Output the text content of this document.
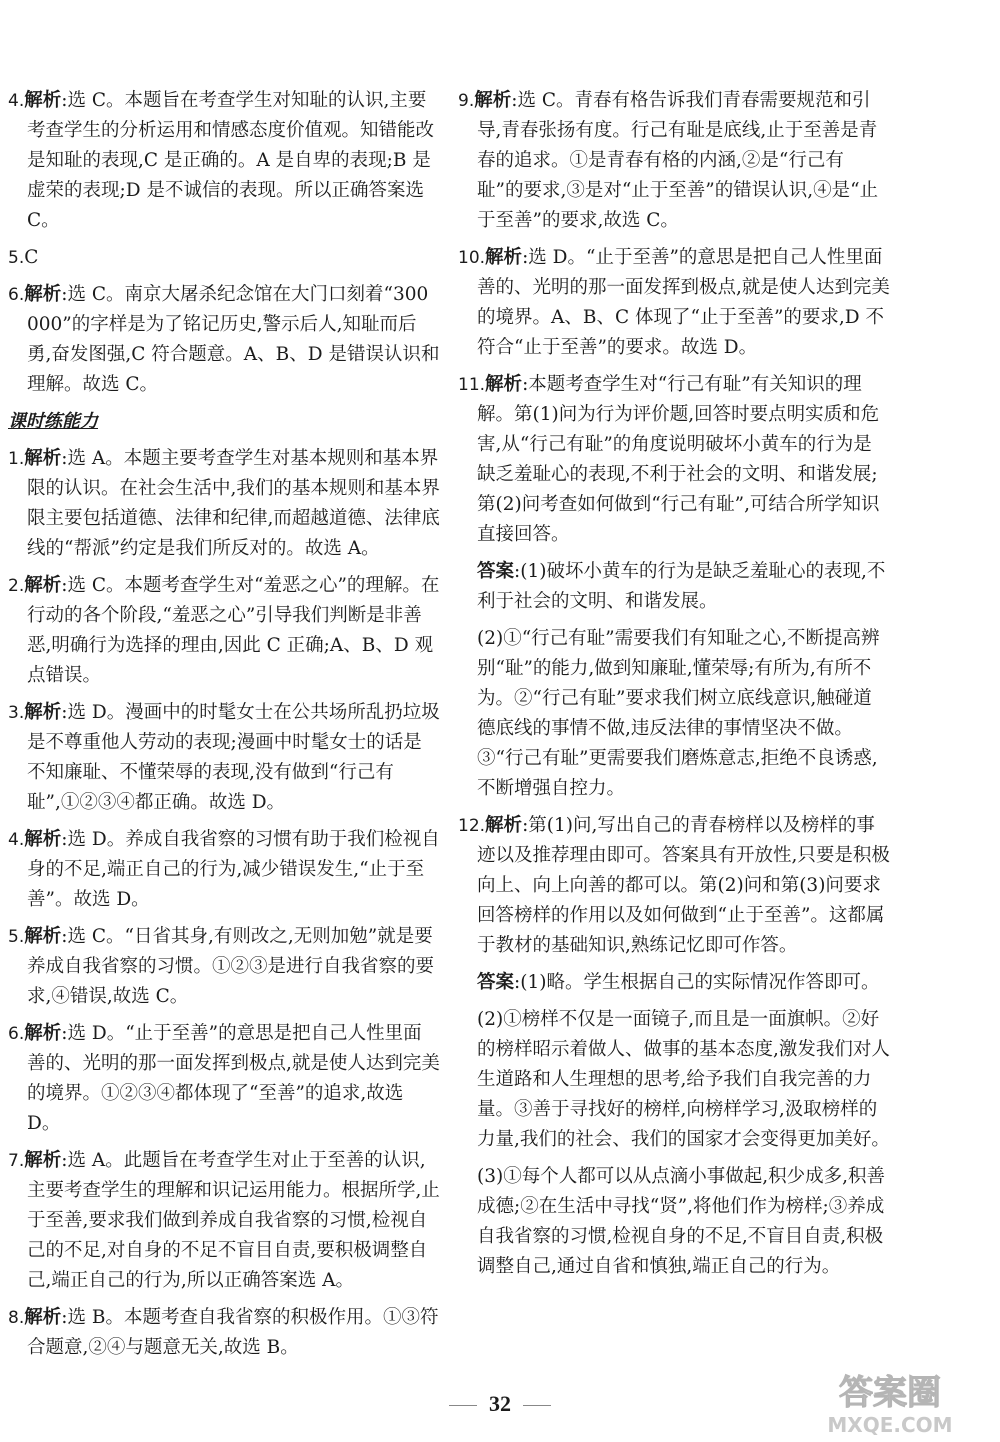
4.解析:选 C。本题旨在考查学生对知耻的认识,主要考查学生的分析运用和情感态度价值观。知错能改是知耻的表现,C 是正确的。A 是自卑的表现;B 是虚荣的表现;D 是不诚信的表现。所以正确答案选 C。
5.C
6.解析:选 C。南京大屠杀纪念馆在大门口刻着“300 000”的字样是为了铭记历史,警示后人,知耻而后勇,奋发图强,C 符合题意。A、B、D 是错误认识和理解。故选 C。
课时练能力
1.解析:选 A。本题主要考查学生对基本规则和基本界限的认识。在社会生活中,我们的基本规则和基本界限主要包括道德、法律和纪律,而超越道德、法律底线的“帮派”约定是我们所反对的。故选 A。
2.解析:选 C。本题考查学生对“羞恶之心”的理解。在行动的各个阶段,“羞恶之心”引导我们判断是非善恶,明确行为选择的理由,因此 C 正确;A、B、D 观点错误。
3.解析:选 D。漫画中的时髦女士在公共场所乱扔垃圾是不尊重他人劳动的表现;漫画中时髦女士的话是不知廉耻、不懂荣辱的表现,没有做到“行己有耻”,①②③④都正确。故选 D。
4.解析:选 D。养成自我省察的习惯有助于我们检视自身的不足,端正自己的行为,减少错误发生,“止于至善”。故选 D。
5.解析:选 C。“日省其身,有则改之,无则加勉”就是要养成自我省察的习惯。①②③是进行自我省察的要求,④错误,故选 C。
6.解析:选 D。“止于至善”的意思是把自己人性里面善的、光明的那一面发挥到极点,就是使人达到完美的境界。①②③④都体现了“至善”的追求,故选 D。
7.解析:选 A。此题旨在考查学生对止于至善的认识,主要考查学生的理解和识记运用能力。根据所学,止于至善,要求我们做到养成自我省察的习惯,检视自己的不足,对自身的不足不盲目自责,要积极调整自己,端正自己的行为,所以正确答案选 A。
8.解析:选 B。本题考查自我省察的积极作用。①③符合题意,②④与题意无关,故选 B。
9.解析:选 C。青春有格告诉我们青春需要规范和引导,青春张扬有度。行己有耻是底线,止于至善是青春的追求。①是青春有格的内涵,②是“行己有耻”的要求,③是对“止于至善”的错误认识,④是“止于至善”的要求,故选 C。
10.解析:选 D。“止于至善”的意思是把自己人性里面善的、光明的那一面发挥到极点,就是使人达到完美的境界。A、B、C 体现了“止于至善”的要求,D 不符合“止于至善”的要求。故选 D。
11.解析:本题考查学生对“行己有耻”有关知识的理解。第(1)问为行为评价题,回答时要点明实质和危害,从“行己有耻”的角度说明破坏小黄车的行为是缺乏羞耻心的表现,不利于社会的文明、和谐发展;第(2)问考查如何做到“行己有耻”,可结合所学知识直接回答。
答案:(1)破坏小黄车的行为是缺乏羞耻心的表现,不利于社会的文明、和谐发展。
(2)①“行己有耻”需要我们有知耻之心,不断提高辨别“耻”的能力,做到知廉耻,懂荣辱;有所为,有所不为。②“行己有耻”要求我们树立底线意识,触碰道德底线的事情不做,违反法律的事情坚决不做。③“行己有耻”更需要我们磨炼意志,拒绝不良诱惑,不断增强自控力。
12.解析:第(1)问,写出自己的青春榜样以及榜样的事迹以及推荐理由即可。答案具有开放性,只要是积极向上、向上向善的都可以。第(2)问和第(3)问要求回答榜样的作用以及如何做到“止于至善”。这都属于教材的基础知识,熟练记忆即可作答。
答案:(1)略。学生根据自己的实际情况作答即可。
(2)①榜样不仅是一面镜子,而且是一面旗帜。②好的榜样昭示着做人、做事的基本态度,激发我们对人生道路和人生理想的思考,给予我们自我完善的力量。③善于寻找好的榜样,向榜样学习,汲取榜样的力量,我们的社会、我们的国家才会变得更加美好。
(3)①每个人都可以从点滴小事做起,积少成多,积善成德;②在生活中寻找“贤”,将他们作为榜样;③养成自我省察的习惯,检视自身的不足,不盲目自责,积极调整自己,通过自省和慎独,端正自己的行为。
32	答案圈
MXQE.COM
